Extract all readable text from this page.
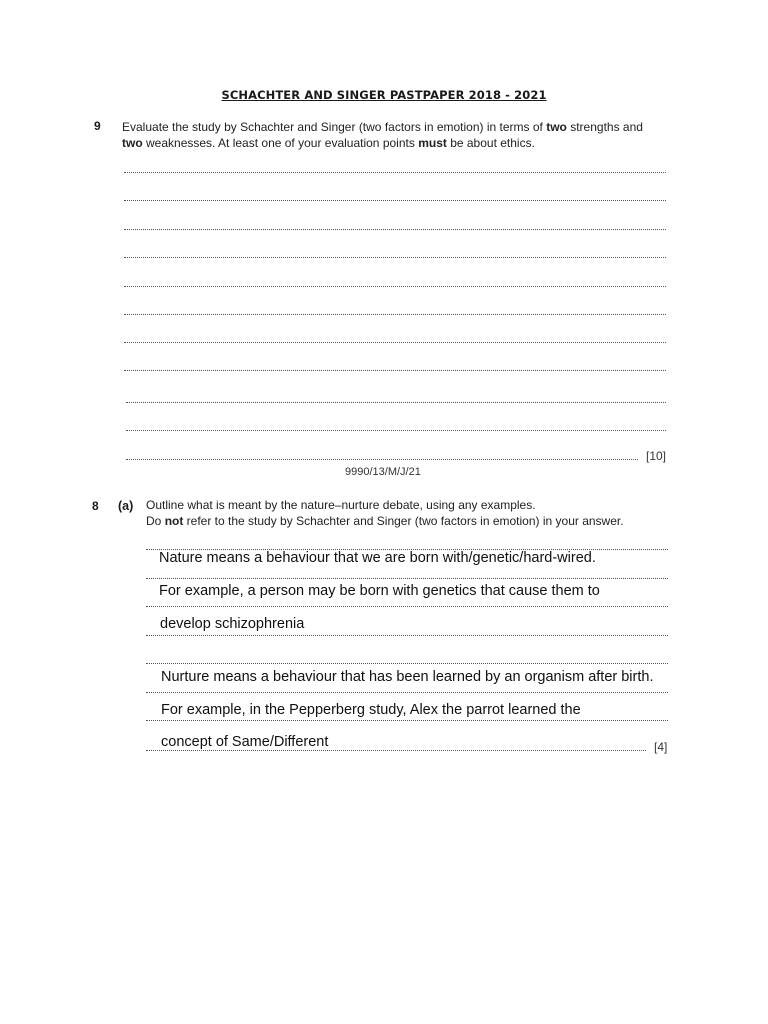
SCHACHTER AND SINGER PASTPAPER 2018 - 2021
9 Evaluate the study by Schachter and Singer (two factors in emotion) in terms of two strengths and
two weaknesses. At least one of your evaluation points must be about ethics.
[10]
9990/13/M/J/21
8 (a) Outline what is meant by the nature–nurture debate, using any examples.
Do not refer to the study by Schachter and Singer (two factors in emotion) in your answer.
[4]
Nature means a behaviour that we are born with/genetic/hard-wired.
For example, a person may be born with genetics that cause them to
develop schizophrenia
Nurture means a behaviour that has been learned by an organism after birth.
For example, in the Pepperberg study, Alex the parrot learned the
concept of Same/Different
